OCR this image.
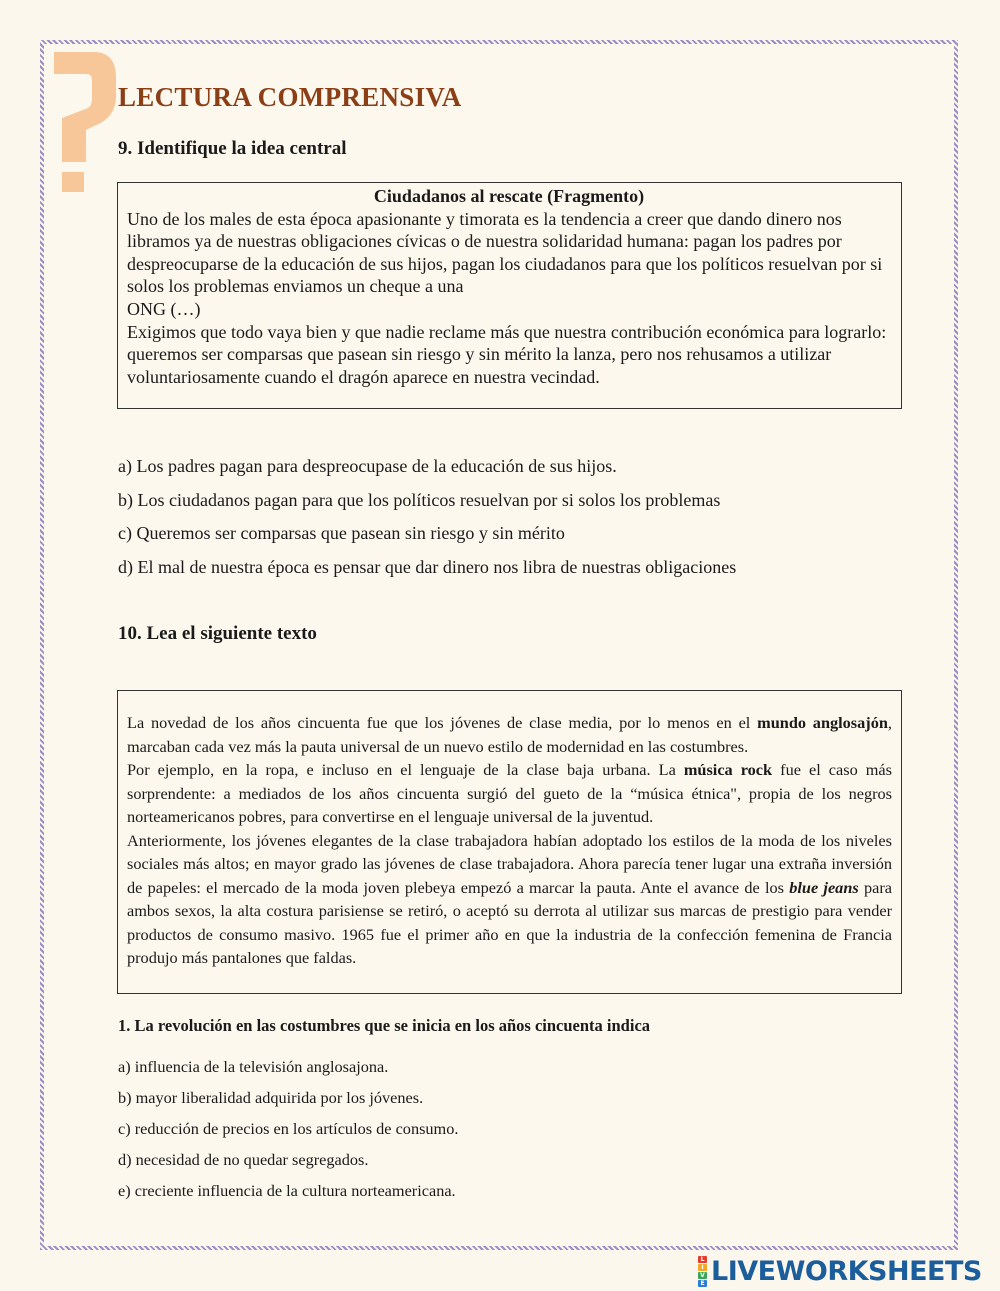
LECTURA COMPRENSIVA
9. Identifique la idea central
Ciudadanos al rescate (Fragmento)

Uno de los males de esta época apasionante y timorata es la tendencia a creer que dando dinero nos libramos ya de nuestras obligaciones cívicas o de nuestra solidaridad humana: pagan los padres por despreocuparse de la educación de sus hijos, pagan los ciudadanos para que los políticos resuelvan por si solos los problemas enviamos un cheque a una

ONG (…)

Exigimos que todo vaya bien y que nadie reclame más que nuestra contribución económica para lograrlo: queremos ser comparsas que pasean sin riesgo y sin mérito la lanza, pero nos rehusamos a utilizar voluntariosamente cuando el dragón aparece en nuestra vecindad.

a) Los padres pagan para despreocupase de la educación de sus hijos.
b) Los ciudadanos pagan para que los políticos resuelvan por si solos los problemas
c) Queremos ser comparsas que pasean sin riesgo y sin mérito
d) El mal de nuestra época es pensar que dar dinero nos libra de nuestras obligaciones
10. Lea el siguiente texto

La novedad de los años cincuenta fue que los jóvenes de clase media, por lo menos en el mundo anglosajón, marcaban cada vez más la pauta universal de un nuevo estilo de modernidad en las costumbres.

Por ejemplo, en la ropa, e incluso en el lenguaje de la clase baja urbana. La música rock fue el caso más sorprendente: a mediados de los años cincuenta surgió del gueto de la “música étnica", propia de los negros norteamericanos pobres, para convertirse en el lenguaje universal de la juventud.

Anteriormente, los jóvenes elegantes de la clase trabajadora habían adoptado los estilos de la moda de los niveles sociales más altos; en mayor grado las jóvenes de clase trabajadora. Ahora parecía tener lugar una extraña inversión de papeles: el mercado de la moda joven plebeya empezó a marcar la pauta. Ante el avance de los blue jeans para ambos sexos, la alta costura parisiense se retiró, o aceptó su derrota al utilizar sus marcas de prestigio para vender productos de consumo masivo. 1965 fue el primer año en que la industria de la confección femenina de Francia produjo más pantalones que faldas.

1. La revolución en las costumbres que se inicia en los años cincuenta indica
a) influencia de la televisión anglosajona.
b) mayor liberalidad adquirida por los jóvenes.
c) reducción de precios en los artículos de consumo.
d) necesidad de no quedar segregados.
e) creciente influencia de la cultura norteamericana.
L
I
V
E LIVEWORKSHEETS
